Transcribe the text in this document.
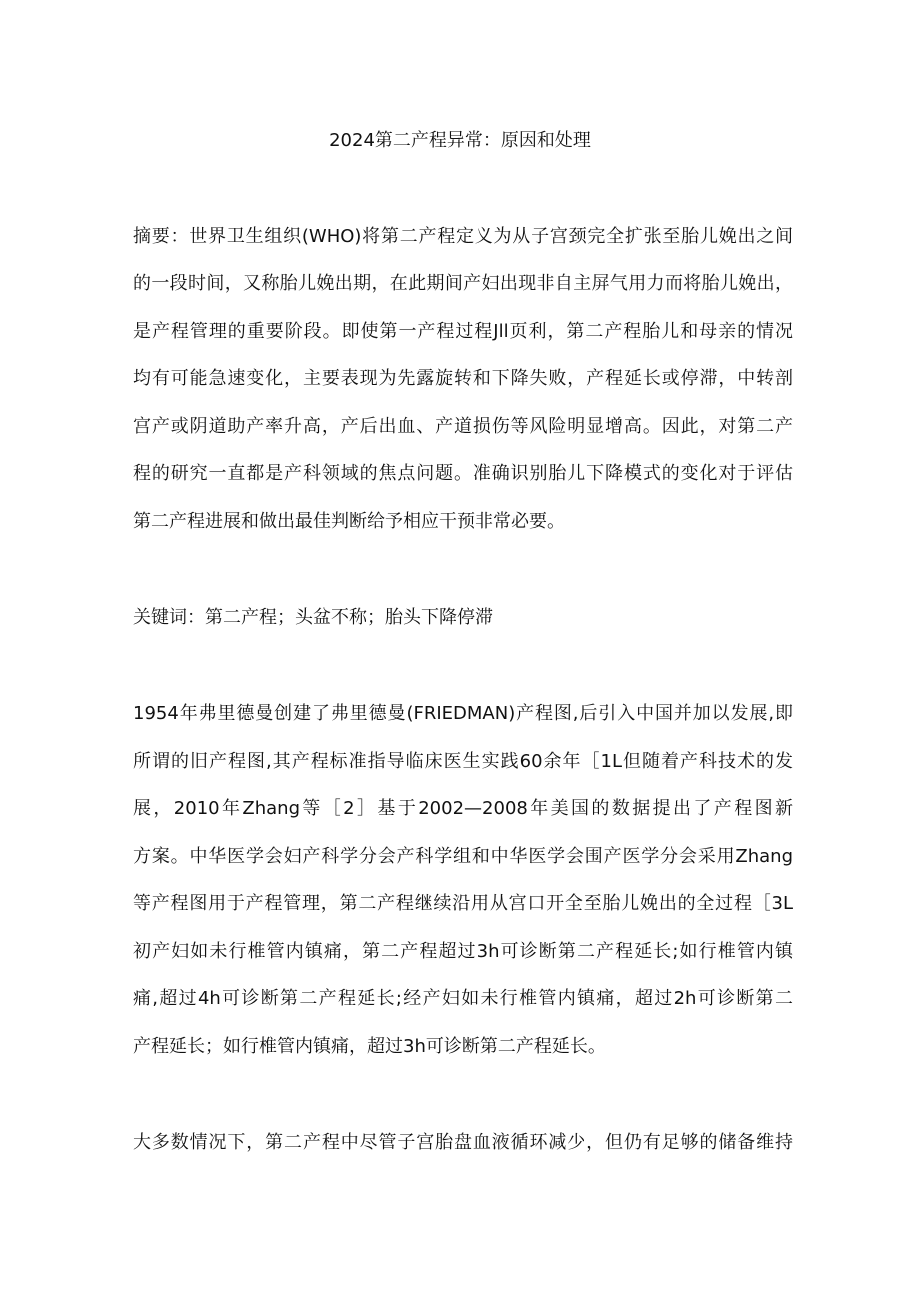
2024第二产程异常：原因和处理

摘要：世界卫生组织(WHO)将第二产程定义为从子宫颈完全扩张至胎儿娩出之间

的一段时间，又称胎儿娩出期，在此期间产妇出现非自主屏气用力而将胎儿娩出，

是产程管理的重要阶段。即使第一产程过程Jll页利，第二产程胎儿和母亲的情况

均有可能急速变化，主要表现为先露旋转和下降失败，产程延长或停滞，中转剖

宫产或阴道助产率升高，产后出血、产道损伤等风险明显增高。因此，对第二产

程的研究一直都是产科领域的焦点问题。准确识别胎儿下降模式的变化对于评估

第二产程进展和做出最佳判断给予相应干预非常必要。

关键词：第二产程；头盆不称；胎头下降停滞

1954年弗里德曼创建了弗里德曼(FRIEDMAN)产程图,后引入中国并加以发展,即

所谓的旧产程图,其产程标准指导临床医生实践60余年［1L但随着产科技术的发

展，2010年Zhang等［2］基于2002—2008年美国的数据提出了产程图新

方案。中华医学会妇产科学分会产科学组和中华医学会围产医学分会采用Zhang

等产程图用于产程管理，第二产程继续沿用从宫口开全至胎儿娩出的全过程［3L

初产妇如未行椎管内镇痛，第二产程超过3h可诊断第二产程延长;如行椎管内镇

痛,超过4h可诊断第二产程延长;经产妇如未行椎管内镇痛，超过2h可诊断第二

产程延长；如行椎管内镇痛，超过3h可诊断第二产程延长。

大多数情况下，第二产程中尽管子宫胎盘血液循环减少，但仍有足够的储备维持
